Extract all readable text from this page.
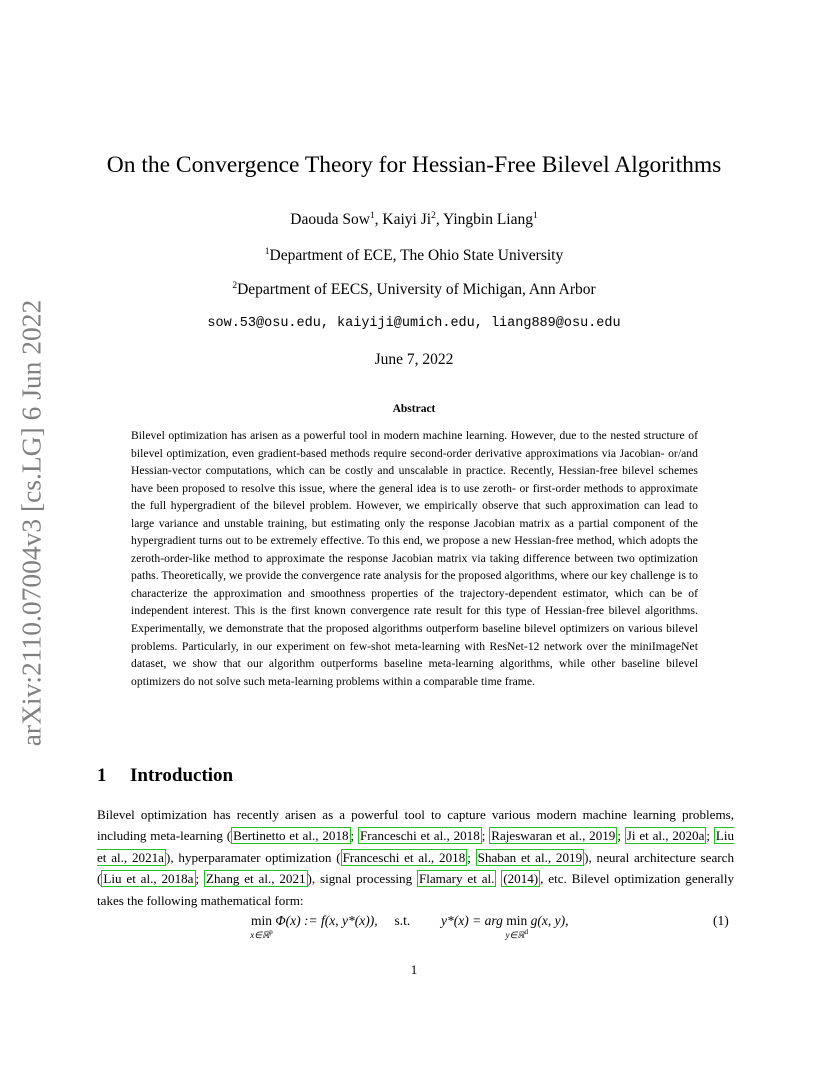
arXiv:2110.07004v3 [cs.LG] 6 Jun 2022
On the Convergence Theory for Hessian-Free Bilevel Algorithms
Daouda Sow$^1$, Kaiyi Ji$^2$, Yingbin Liang$^1$
$^1$Department of ECE, The Ohio State University
$^2$Department of EECS, University of Michigan, Ann Arbor
sow.53@osu.edu, kaiyiji@umich.edu, liang889@osu.edu
June 7, 2022
Abstract
Bilevel optimization has arisen as a powerful tool in modern machine learning. However, due to the nested structure of bilevel optimization, even gradient-based methods require second-order derivative approximations via Jacobian- or/and Hessian-vector computations, which can be costly and unscalable in practice. Recently, Hessian-free bilevel schemes have been proposed to resolve this issue, where the general idea is to use zeroth- or first-order methods to approximate the full hypergradient of the bilevel problem. However, we empirically observe that such approximation can lead to large variance and unstable training, but estimating only the response Jacobian matrix as a partial component of the hypergradient turns out to be extremely effective. To this end, we propose a new Hessian-free method, which adopts the zeroth-order-like method to approximate the response Jacobian matrix via taking difference between two optimization paths. Theoretically, we provide the convergence rate analysis for the proposed algorithms, where our key challenge is to characterize the approximation and smoothness properties of the trajectory-dependent estimator, which can be of independent interest. This is the first known convergence rate result for this type of Hessian-free bilevel algorithms. Experimentally, we demonstrate that the proposed algorithms outperform baseline bilevel optimizers on various bilevel problems. Particularly, in our experiment on few-shot meta-learning with ResNet-12 network over the miniImageNet dataset, we show that our algorithm outperforms baseline meta-learning algorithms, while other baseline bilevel optimizers do not solve such meta-learning problems within a comparable time frame.
1 Introduction
Bilevel optimization has recently arisen as a powerful tool to capture various modern machine learning problems, including meta-learning ( Bertinetto et al., 2018 ; Franceschi et al., 2018 ; Rajeswaran et al., 2019 ; Ji et al., 2020a ; Liu et al., 2021a ), hyperparamater optimization ( Franceschi et al., 2018 ; Shaban et al., 2019 ), neural architecture search ( Liu et al., 2018a ; Zhang et al., 2021 ), signal processing Flamary et al. (2014) , etc. Bilevel optimization generally takes the following mathematical form:
min
x∈ℝ$^p$
Φ(x) := f(x, y*(x)), s.t. y*(x) = arg min
y∈ℝ$^d$
g(x, y),	(1)
1
